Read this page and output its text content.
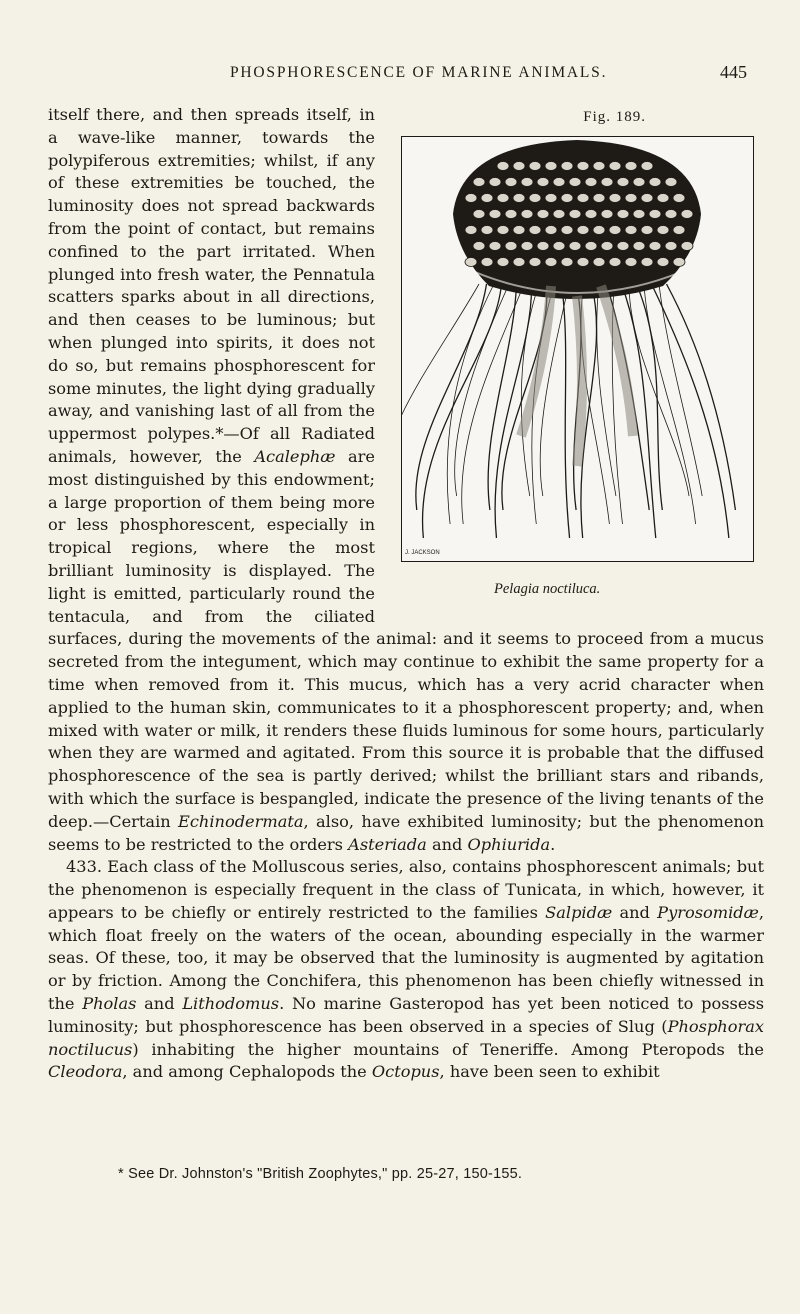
PHOSPHORESCENCE OF MARINE ANIMALS.	445
Fig. 189.
J. JACKSON
Pelagia noctiluca.

itself there, and then spreads itself, in a wave-like manner, towards the polypiferous extremities; whilst, if any of these extremities be touched, the luminosity does not spread backwards from the point of contact, but remains confined to the part irritated. When plunged into fresh water, the Pennatula scatters sparks about in all directions, and then ceases to be luminous; but when plunged into spirits, it does not do so, but remains phosphorescent for some minutes, the light dying gradually away, and vanishing last of all from the uppermost polypes.*—Of all Radiated animals, however, the Acalephæ are most distinguished by this endowment; a large proportion of them being more or less phosphorescent, especially in tropical regions, where the most brilliant luminosity is displayed. The light is emitted, particularly round the tentacula, and from the ciliated surfaces, during the movements of the animal: and it seems to proceed from a mucus secreted from the integument, which may continue to exhibit the same property for a time when removed from it. This mucus, which has a very acrid character when applied to the human skin, communicates to it a phosphorescent property; and, when mixed with water or milk, it renders these fluids luminous for some hours, particularly when they are warmed and agitated. From this source it is probable that the diffused phosphorescence of the sea is partly derived; whilst the brilliant stars and ribands, with which the surface is bespangled, indicate the presence of the living tenants of the deep.—Certain Echinodermata, also, have exhibited luminosity; but the phenomenon seems to be restricted to the orders Asteriada and Ophiurida.

433. Each class of the Molluscous series, also, contains phosphorescent animals; but the phenomenon is especially frequent in the class of Tunicata, in which, however, it appears to be chiefly or entirely restricted to the families Salpidæ and Pyrosomidæ, which float freely on the waters of the ocean, abounding especially in the warmer seas. Of these, too, it may be observed that the luminosity is augmented by agitation or by friction. Among the Conchifera, this phenomenon has been chiefly witnessed in the Pholas and Lithodomus. No marine Gasteropod has yet been noticed to possess luminosity; but phosphorescence has been observed in a species of Slug (Phosphorax noctilucus) inhabiting the higher mountains of Teneriffe. Among Pteropods the Cleodora, and among Cephalopods the Octopus, have been seen to exhibit

* See Dr. Johnston's "British Zoophytes," pp. 25-27, 150-155.
